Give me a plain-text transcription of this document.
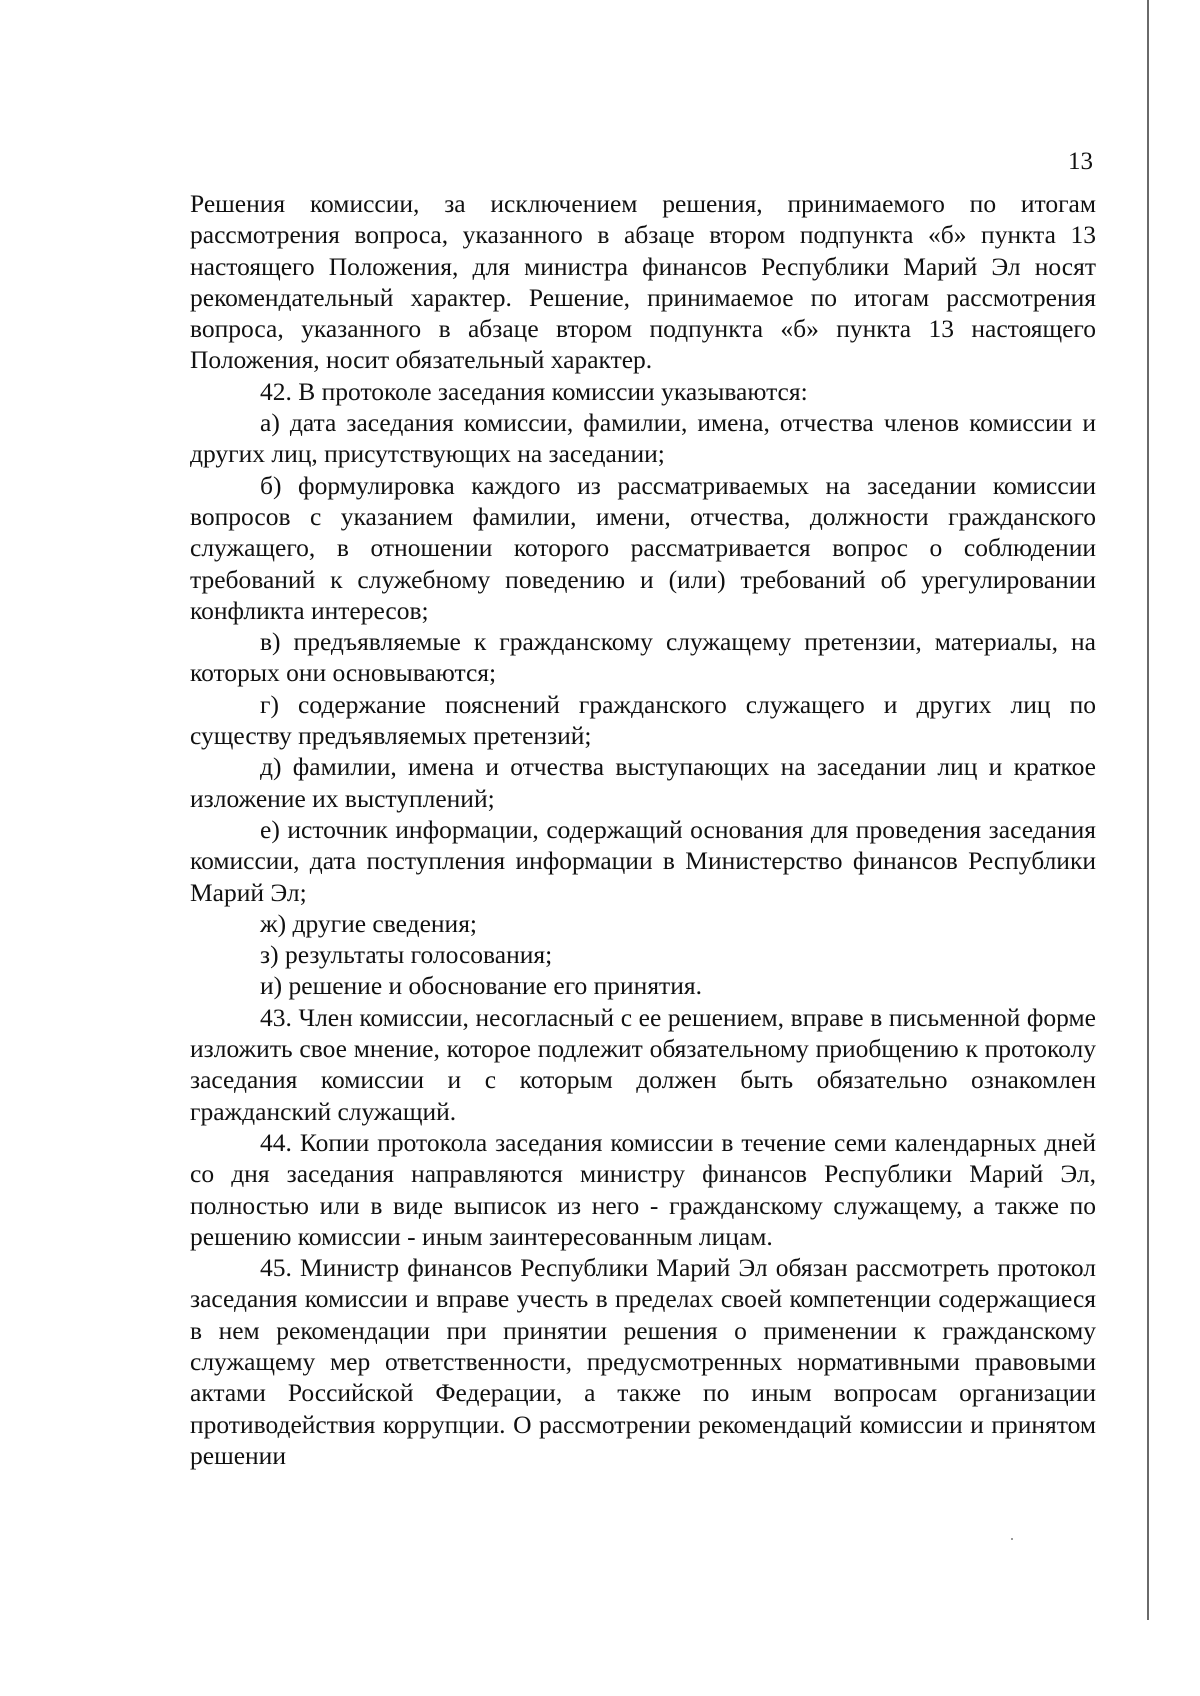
13

Решения комиссии, за исключением решения, принимаемого по итогам рассмотрения вопроса, указанного в абзаце втором подпункта «б» пункта 13 настоящего Положения, для министра финансов Республики Марий Эл носят рекомендательный характер. Решение, принимаемое по итогам рассмотрения вопроса, указанного в абзаце втором подпункта «б» пункта 13 настоящего Положения, носит обязательный характер.

42. В протоколе заседания комиссии указываются:

а) дата заседания комиссии, фамилии, имена, отчества членов комиссии и других лиц, присутствующих на заседании;

б) формулировка каждого из рассматриваемых на заседании комиссии вопросов с указанием фамилии, имени, отчества, должности гражданского служащего, в отношении которого рассматривается вопрос о соблюдении требований к служебному поведению и (или) требований об урегулировании конфликта интересов;

в) предъявляемые к гражданскому служащему претензии, материалы, на которых они основываются;

г) содержание пояснений гражданского служащего и других лиц по существу предъявляемых претензий;

д) фамилии, имена и отчества выступающих на заседании лиц и краткое изложение их выступлений;

е) источник информации, содержащий основания для проведения заседания комиссии, дата поступления информации в Министерство финансов Республики Марий Эл;

ж) другие сведения;

з) результаты голосования;

и) решение и обоснование его принятия.

43. Член комиссии, несогласный с ее решением, вправе в письменной форме изложить свое мнение, которое подлежит обязательному приобщению к протоколу заседания комиссии и с которым должен быть обязательно ознакомлен гражданский служащий.

44. Копии протокола заседания комиссии в течение семи календарных дней со дня заседания направляются министру финансов Республики Марий Эл, полностью или в виде выписок из него - гражданскому служащему, а также по решению комиссии - иным заинтересованным лицам.

45. Министр финансов Республики Марий Эл обязан рассмотреть протокол заседания комиссии и вправе учесть в пределах своей компетенции содержащиеся в нем рекомендации при принятии решения о применении к гражданскому служащему мер ответственности, предусмотренных нормативными правовыми актами Российской Федерации, а также по иным вопросам организации противодействия коррупции. О рассмотрении рекомендаций комиссии и принятом решении
